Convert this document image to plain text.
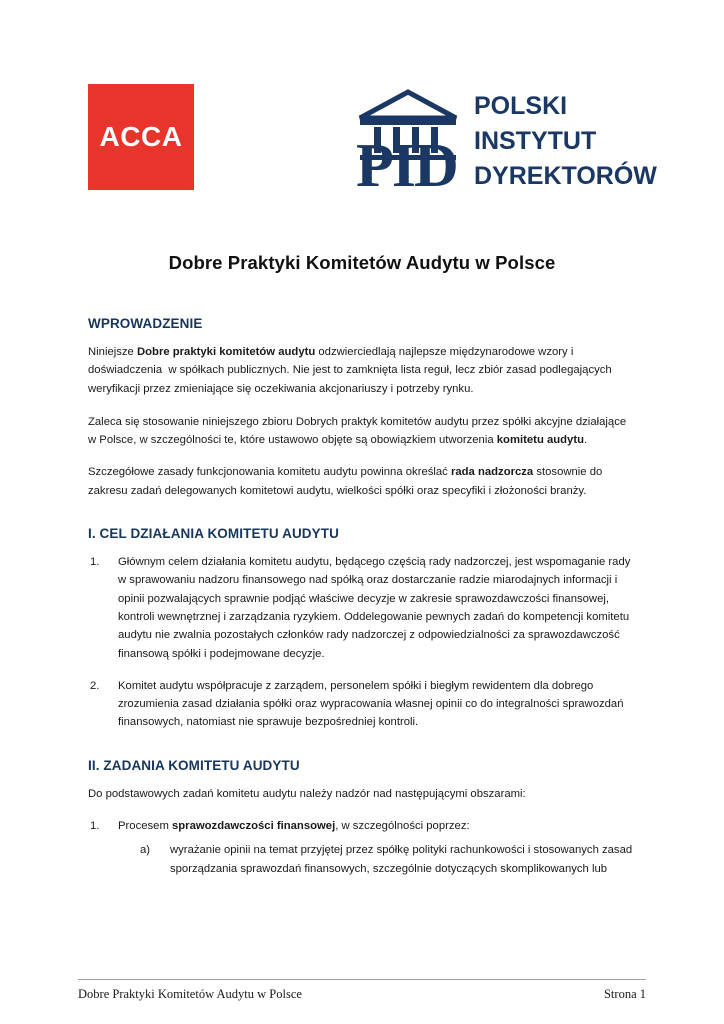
ACCA	PID
POLSKI
INSTYTUT
DYREKTORÓW
Dobre Praktyki Komitetów Audytu w Polsce
WPROWADZENIE

Niniejsze Dobre praktyki komitetów audytu odzwierciedlają najlepsze międzynarodowe wzory i doświadczenia  w spółkach publicznych. Nie jest to zamknięta lista reguł, lecz zbiór zasad podlegających weryfikacji przez zmieniające się oczekiwania akcjonariuszy i potrzeby rynku.

Zaleca się stosowanie niniejszego zbioru Dobrych praktyk komitetów audytu przez spółki akcyjne działające w Polsce, w szczególności te, które ustawowo objęte są obowiązkiem utworzenia komitetu audytu.

Szczegółowe zasady funkcjonowania komitetu audytu powinna określać rada nadzorcza stosownie do zakresu zadań delegowanych komitetowi audytu, wielkości spółki oraz specyfiki i złożoności branży.

I. CEL DZIAŁANIA KOMITETU AUDYTU
1.	Głównym celem działania komitetu audytu, będącego częścią rady nadzorczej, jest wspomaganie rady w sprawowaniu nadzoru finansowego nad spółką oraz dostarczanie radzie miarodajnych informacji i opinii pozwalających sprawnie podjąć właściwe decyzje w zakresie sprawozdawczości finansowej, kontroli wewnętrznej i zarządzania ryzykiem. Oddelegowanie pewnych zadań do kompetencji komitetu audytu nie zwalnia pozostałych członków rady nadzorczej z odpowiedzialności za sprawozdawczość finansową spółki i podejmowane decyzje.
2.	Komitet audytu współpracuje z zarządem, personelem spółki i biegłym rewidentem dla dobrego zrozumienia zasad działania spółki oraz wypracowania własnej opinii co do integralności sprawozdań finansowych, natomiast nie sprawuje bezpośredniej kontroli.
II. ZADANIA KOMITETU AUDYTU

Do podstawowych zadań komitetu audytu należy nadzór nad następującymi obszarami:

1.	Procesem sprawozdawczości finansowej, w szczególności poprzez:
a)	wyrażanie opinii na temat przyjętej przez spółkę polityki rachunkowości i stosowanych zasad sporządzania sprawozdań finansowych, szczególnie dotyczących skomplikowanych lub
Dobre Praktyki Komitetów Audytu w Polsce	Strona 1
